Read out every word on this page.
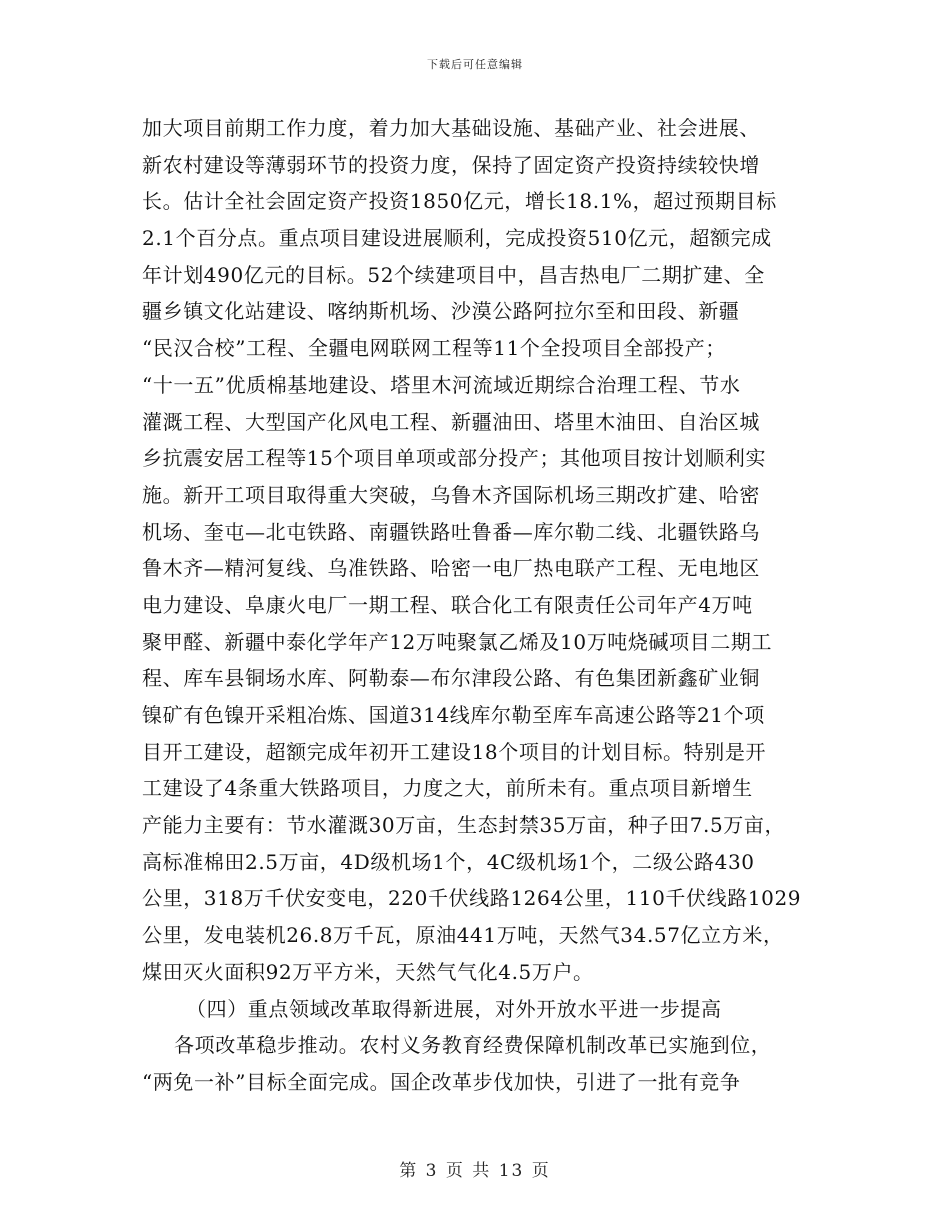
下载后可任意编辑
加大项目前期工作力度，着力加大基础设施、基础产业、社会进展、
新农村建设等薄弱环节的投资力度，保持了固定资产投资持续较快增
长。估计全社会固定资产投资1850亿元，增长18.1%，超过预期目标
2.1个百分点。重点项目建设进展顺利，完成投资510亿元，超额完成
年计划490亿元的目标。52个续建项目中，昌吉热电厂二期扩建、全
疆乡镇文化站建设、喀纳斯机场、沙漠公路阿拉尔至和田段、新疆
“民汉合校”工程、全疆电网联网工程等11个全投项目全部投产；
“十一五”优质棉基地建设、塔里木河流域近期综合治理工程、节水
灌溉工程、大型国产化风电工程、新疆油田、塔里木油田、自治区城
乡抗震安居工程等15个项目单项或部分投产；其他项目按计划顺利实
施。新开工项目取得重大突破，乌鲁木齐国际机场三期改扩建、哈密
机场、奎屯—北屯铁路、南疆铁路吐鲁番—库尔勒二线、北疆铁路乌
鲁木齐—精河复线、乌准铁路、哈密一电厂热电联产工程、无电地区
电力建设、阜康火电厂一期工程、联合化工有限责任公司年产4万吨
聚甲醛、新疆中泰化学年产12万吨聚氯乙烯及10万吨烧碱项目二期工
程、库车县铜场水库、阿勒泰—布尔津段公路、有色集团新鑫矿业铜
镍矿有色镍开采粗冶炼、国道314线库尔勒至库车高速公路等21个项
目开工建设，超额完成年初开工建设18个项目的计划目标。特别是开
工建设了4条重大铁路项目，力度之大，前所未有。重点项目新增生
产能力主要有：节水灌溉30万亩，生态封禁35万亩，种子田7.5万亩，
高标准棉田2.5万亩，4D级机场1个，4C级机场1个，二级公路430
公里，318万千伏安变电，220千伏线路1264公里，110千伏线路1029
公里，发电装机26.8万千瓦，原油441万吨，天然气34.57亿立方米，
煤田灭火面积92万平方米，天然气气化4.5万户。
（四）重点领域改革取得新进展，对外开放水平进一步提高
各项改革稳步推动。农村义务教育经费保障机制改革已实施到位，
“两免一补”目标全面完成。国企改革步伐加快，引进了一批有竞争
第 3 页 共 13 页
